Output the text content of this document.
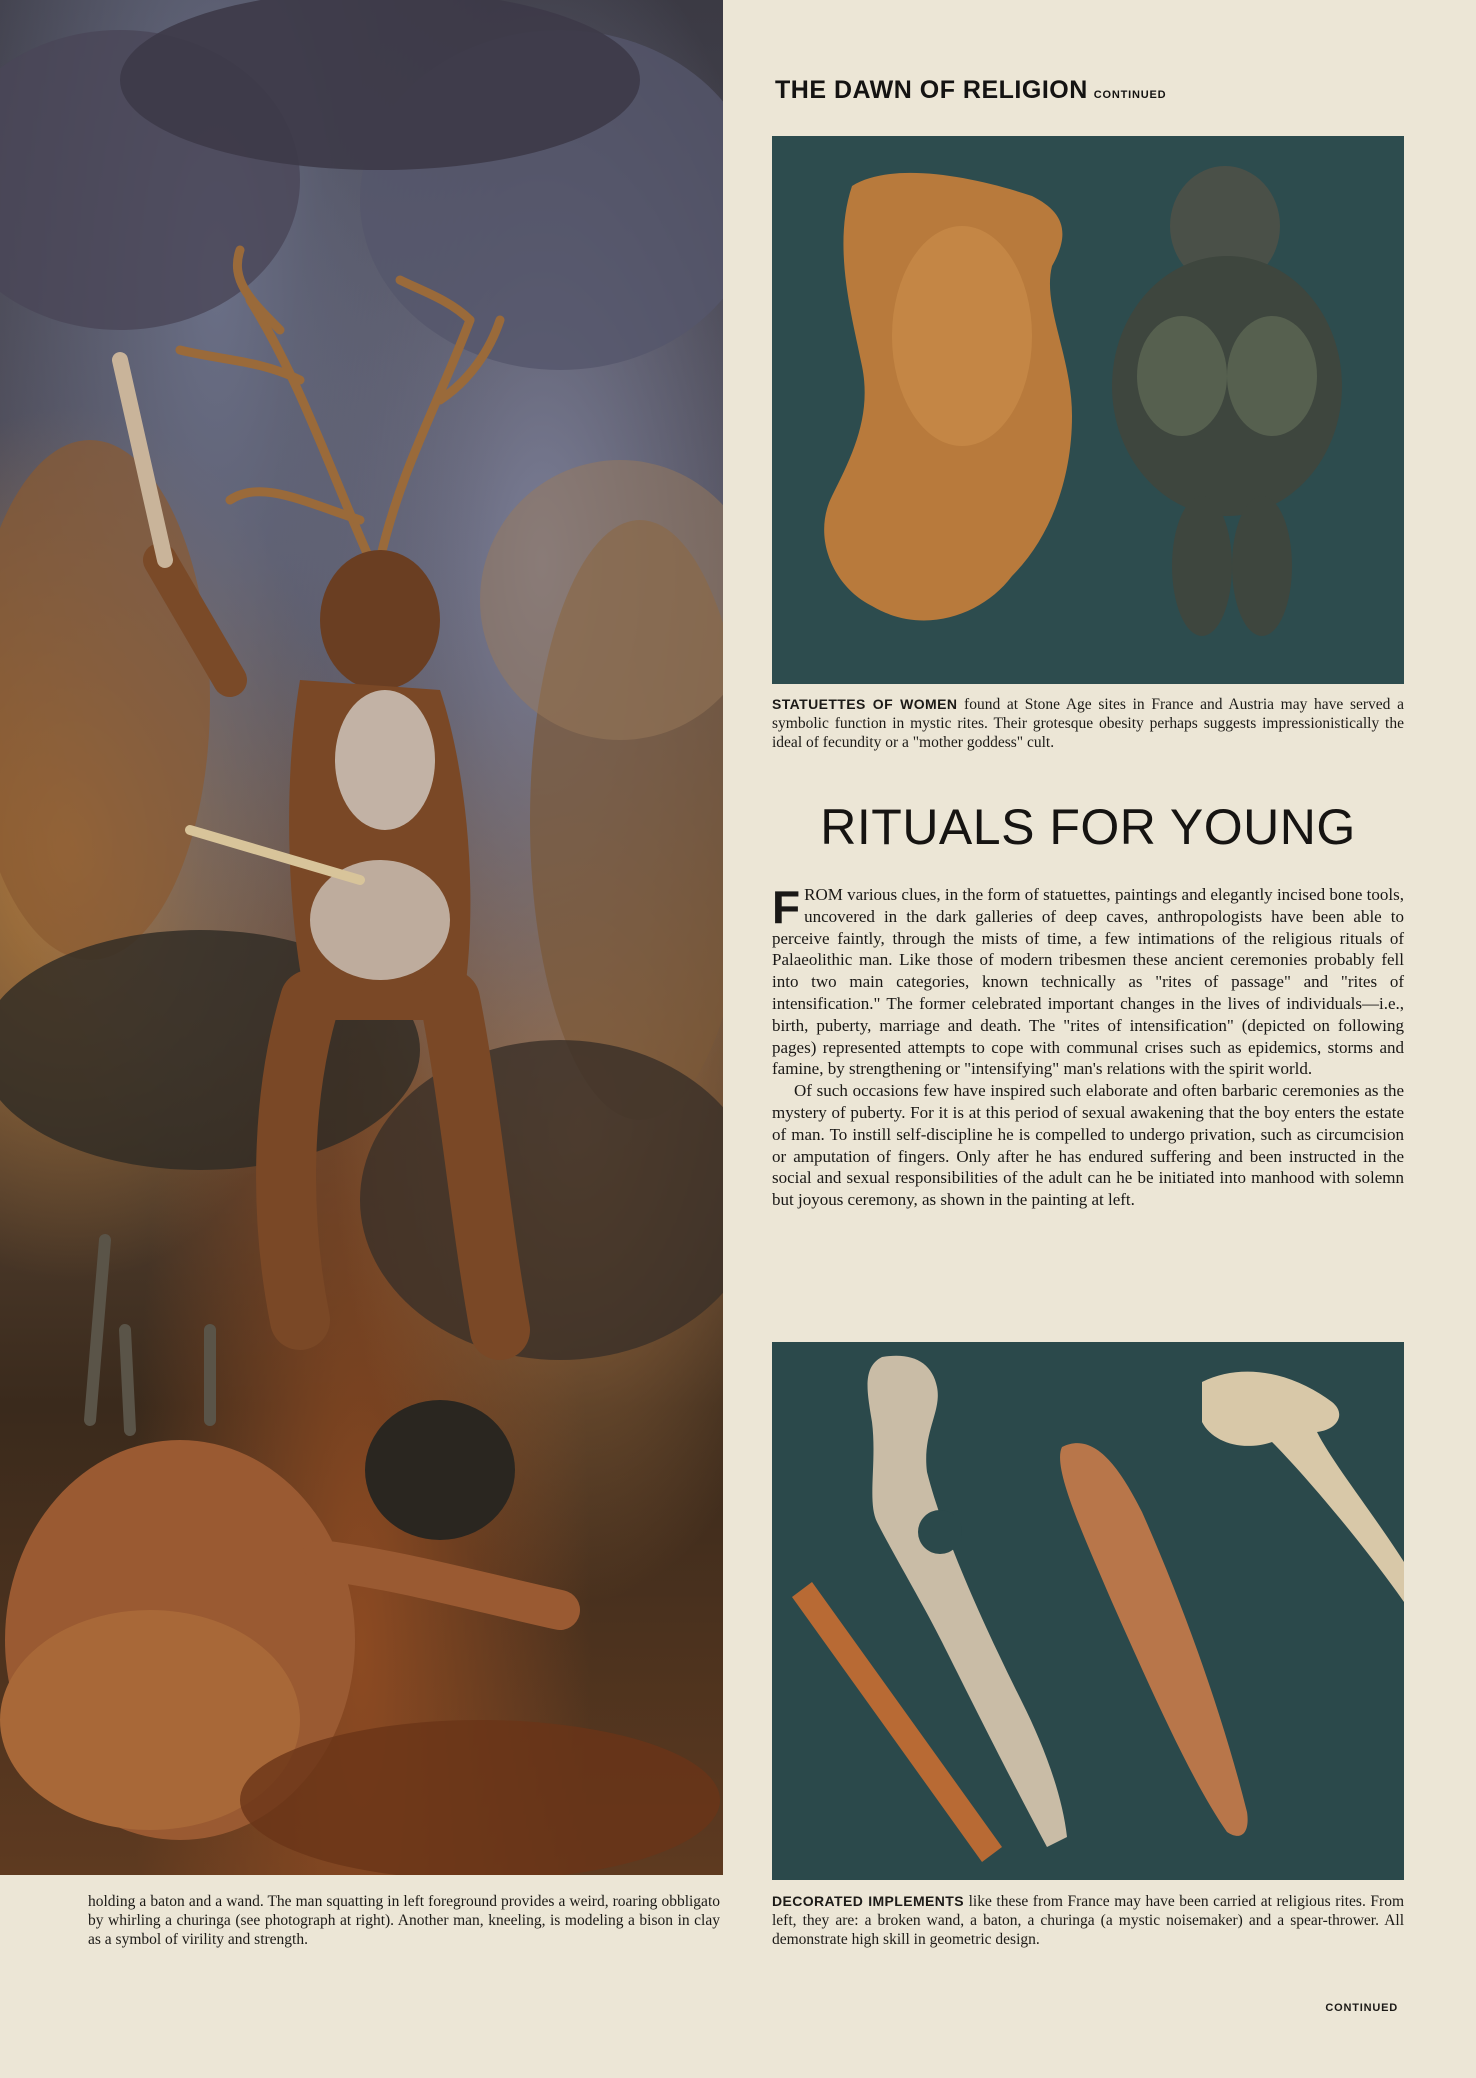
THE DAWN OF RELIGION CONTINUED
STATUETTES OF WOMEN found at Stone Age sites in France and Austria may have served a symbolic function in mystic rites. Their grotesque obesity perhaps suggests impressionistically the ideal of fecundity or a "mother goddess" cult.
RITUALS FOR YOUNG

FROM various clues, in the form of statuettes, paintings and elegantly incised bone tools, uncovered in the dark galleries of deep caves, anthropologists have been able to perceive faintly, through the mists of time, a few intimations of the religious rituals of Palaeolithic man. Like those of modern tribesmen these ancient ceremonies probably fell into two main categories, known technically as "rites of passage" and "rites of intensification." The former celebrated important changes in the lives of individuals—i.e., birth, puberty, marriage and death. The "rites of intensification" (depicted on following pages) represented attempts to cope with communal crises such as epidemics, storms and famine, by strengthening or "intensifying" man's relations with the spirit world.

Of such occasions few have inspired such elaborate and often barbaric ceremonies as the mystery of puberty. For it is at this period of sexual awakening that the boy enters the estate of man. To instill self-discipline he is compelled to undergo privation, such as circumcision or amputation of fingers. Only after he has endured suffering and been instructed in the social and sexual responsibilities of the adult can he be initiated into manhood with solemn but joyous ceremony, as shown in the painting at left.

DECORATED IMPLEMENTS like these from France may have been carried at religious rites. From left, they are: a broken wand, a baton, a churinga (a mystic noisemaker) and a spear-thrower. All demonstrate high skill in geometric design.
holding a baton and a wand. The man squatting in left foreground provides a weird, roaring obbligato by whirling a churinga (see photograph at right). Another man, kneeling, is modeling a bison in clay as a symbol of virility and strength.
CONTINUED
